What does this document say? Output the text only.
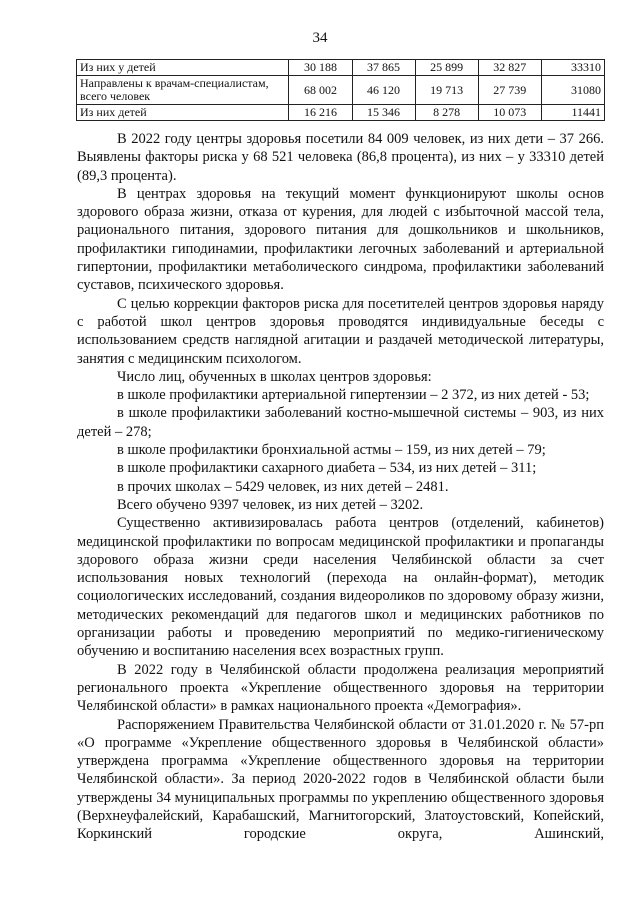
34
Из них у детей	30 188	37 865	25 899	32 827	33310
Направлены к врачам-специалистам, всего человек	68 002	46 120	19 713	27 739	31080
Из них детей	16 216	15 346	8 278	10 073	11441

В 2022 году центры здоровья посетили 84 009 человек, из них дети – 37 266. Выявлены факторы риска у 68 521 человека (86,8 процента), из них – у 33310 детей (89,3 процента).

В центрах здоровья на текущий момент функционируют школы основ здорового образа жизни, отказа от курения, для людей с избыточной массой тела, рационального питания, здорового питания для дошкольников и школьников, профилактики гиподинамии, профилактики легочных заболеваний и артериальной гипертонии, профилактики метаболического синдрома, профилактики заболеваний суставов, психического здоровья.

С целью коррекции факторов риска для посетителей центров здоровья наряду с работой школ центров здоровья проводятся индивидуальные беседы с использованием средств наглядной агитации и раздачей методической литературы, занятия с медицинским психологом.

Число лиц, обученных в школах центров здоровья:

в школе профилактики артериальной гипертензии – 2 372, из них детей - 53;

в школе профилактики заболеваний костно-мышечной системы – 903, из них детей – 278;

в школе профилактики бронхиальной астмы – 159, из них детей – 79;

в школе профилактики сахарного диабета – 534, из них детей – 311;

в прочих школах – 5429 человек, из них детей – 2481.

Всего обучено 9397 человек, из них детей – 3202.

Существенно активизировалась работа центров (отделений, кабинетов) медицинской профилактики по вопросам медицинской профилактики и пропаганды здорового образа жизни среди населения Челябинской области за счет использования новых технологий (перехода на онлайн-формат), методик социологических исследований, создания видеороликов по здоровому образу жизни, методических рекомендаций для педагогов школ и медицинских работников по организации работы и проведению мероприятий по медико-гигиеническому обучению и воспитанию населения всех возрастных групп.

В 2022 году в Челябинской области продолжена реализация мероприятий регионального проекта «Укрепление общественного здоровья на территории Челябинской области» в рамках национального проекта «Демография».

Распоряжением Правительства Челябинской области от 31.01.2020 г. № 57-рп «О программе «Укрепление общественного здоровья в Челябинской области» утверждена программа «Укрепление общественного здоровья на территории Челябинской области». За период 2020-2022 годов в Челябинской области были утверждены 34 муниципальных программы по укреплению общественного здоровья (Верхнеуфалейский, Карабашский, Магнитогорский, Златоустовский, Копейский, Коркинский городские округа, Ашинский,
